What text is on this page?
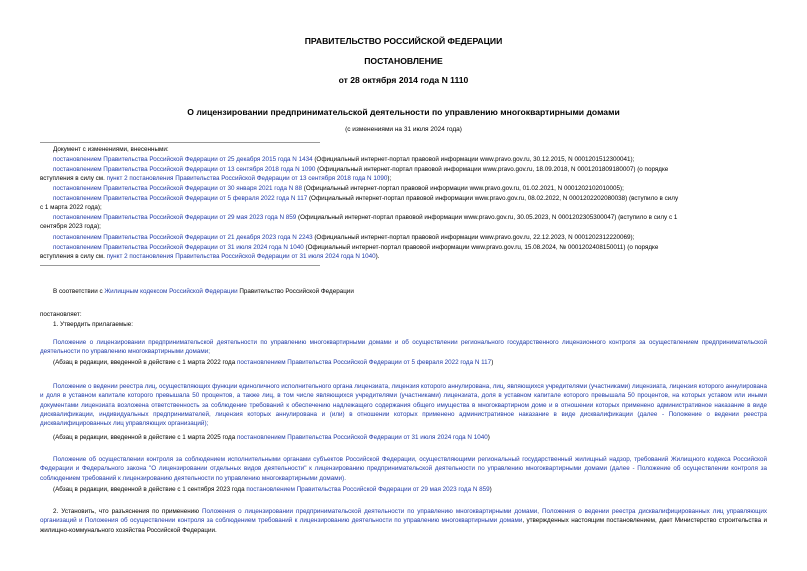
ПРАВИТЕЛЬСТВО РОССИЙСКОЙ ФЕДЕРАЦИИ
ПОСТАНОВЛЕНИЕ
от 28 октября 2014 года N 1110
О лицензировании предпринимательской деятельности по управлению многоквартирными домами
(с изменениями на 31 июля 2024 года)
Документ с изменениями, внесенными:
постановлением Правительства Российской Федерации от 25 декабря 2015 года N 1434 (Официальный интернет-портал правовой информации www.pravo.gov.ru, 30.12.2015, N 0001201512300041);
постановлением Правительства Российской Федерации от 13 сентября 2018 года N 1090 (Официальный интернет-портал правовой информации www.pravo.gov.ru, 18.09.2018, N 0001201809180007) (о порядке
вступления в силу см. пункт 2 постановления Правительства Российской Федерации от 13 сентября 2018 года N 1090);
постановлением Правительства Российской Федерации от 30 января 2021 года N 88 (Официальный интернет-портал правовой информации www.pravo.gov.ru, 01.02.2021, N 0001202102010005);
постановлением Правительства Российской Федерации от 5 февраля 2022 года N 117 (Официальный интернет-портал правовой информации www.pravo.gov.ru, 08.02.2022, N 0001202202080038) (вступило в силу
с 1 марта 2022 года);
постановлением Правительства Российской Федерации от 29 мая 2023 года N 859 (Официальный интернет-портал правовой информации www.pravo.gov.ru, 30.05.2023, N 0001202305300047) (вступило в силу с 1
сентября 2023 года);
постановлением Правительства Российской Федерации от 21 декабря 2023 года N 2243 (Официальный интернет-портал правовой информации www.pravo.gov.ru, 22.12.2023, N 0001202312220069);
постановлением Правительства Российской Федерации от 31 июля 2024 года N 1040 (Официальный интернет-портал правовой информации www.pravo.gov.ru, 15.08.2024, № 0001202408150011) (о порядке
вступления в силу см. пункт 2 постановления Правительства Российской Федерации от 31 июля 2024 года N 1040).
В соответствии с Жилищным кодексом Российской Федерации Правительство Российской Федерации
постановляет:
1. Утвердить прилагаемые:
Положение о лицензировании предпринимательской деятельности по управлению многоквартирными домами и об осуществлении регионального государственного лицензионного контроля за осуществлением предпринимательской деятельности по управлению многоквартирными домами;
(Абзац в редакции, введенной в действие с 1 марта 2022 года постановлением Правительства Российской Федерации от 5 февраля 2022 года N 117)
Положение о ведении реестра лиц, осуществляющих функции единоличного исполнительного органа лицензиата, лицензия которого аннулирована, лиц, являющихся учредителями (участниками) лицензиата, лицензия которого аннулирована и доля в уставном капитале которого превышала 50 процентов, а также лиц, в том числе являющихся учредителями (участниками) лицензиата, доля в уставном капитале которого превышала 50 процентов, на которых уставом или иными документами лицензиата возложена ответственность за соблюдение требований к обеспечению надлежащего содержания общего имущества в многоквартирном доме и в отношении которых применено административное наказание в виде дисквалификации, индивидуальных предпринимателей, лицензия которых аннулирована и (или) в отношении которых применено административное наказание в виде дисквалификации (далее - Положение о ведении реестра дисквалифицированных лиц управляющих организаций);
(Абзац в редакции, введенной в действие с 1 марта 2025 года постановлением Правительства Российской Федерации от 31 июля 2024 года N 1040)
Положение об осуществлении контроля за соблюдением исполнительными органами субъектов Российской Федерации, осуществляющими региональный государственный жилищный надзор, требований Жилищного кодекса Российской Федерации и Федерального закона "О лицензировании отдельных видов деятельности" к лицензированию предпринимательской деятельности по управлению многоквартирными домами (далее - Положение об осуществлении контроля за соблюдением требований к лицензированию деятельности по управлению многоквартирными домами).
(Абзац в редакции, введенной в действие с 1 сентября 2023 года постановлением Правительства Российской Федерации от 29 мая 2023 года N 859)
2. Установить, что разъяснения по применению Положения о лицензировании предпринимательской деятельности по управлению многоквартирными домами, Положения о ведении реестра дисквалифицированных лиц управляющих организаций и Положения об осуществлении контроля за соблюдением требований к лицензированию деятельности по управлению многоквартирными домами, утвержденных настоящим постановлением, дает Министерство строительства и жилищно-коммунального хозяйства Российской Федерации.
